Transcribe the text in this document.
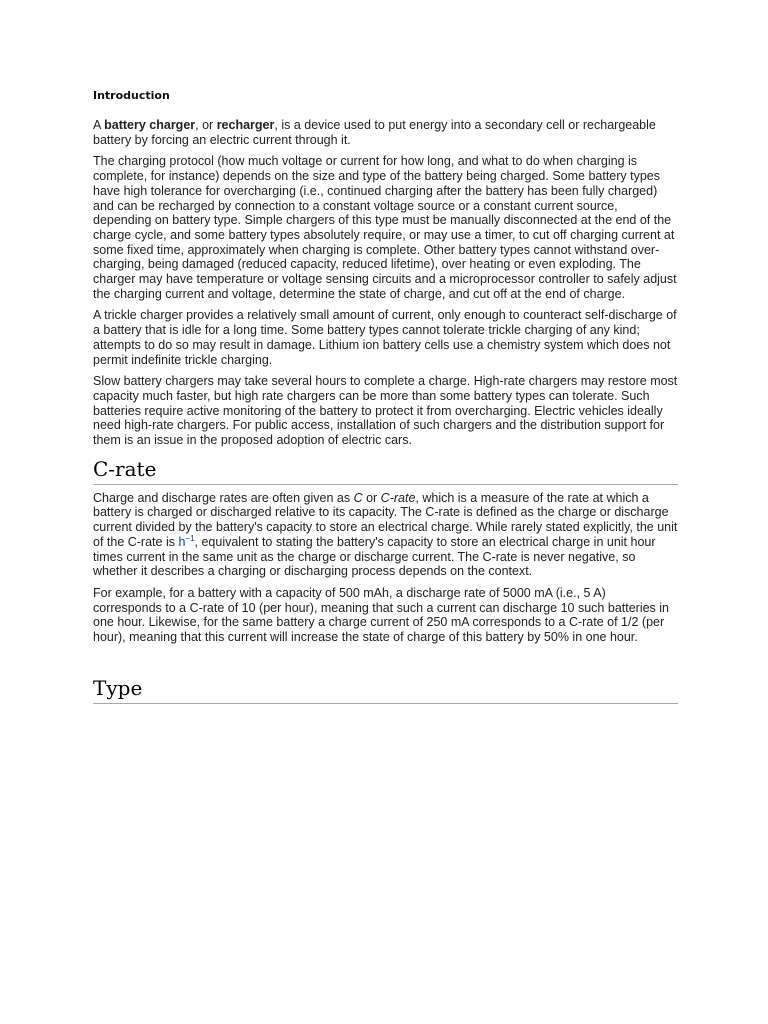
Introduction

A battery charger, or recharger, is a device used to put energy into a secondary cell or rechargeable battery by forcing an electric current through it.

The charging protocol (how much voltage or current for how long, and what to do when charging is complete, for instance) depends on the size and type of the battery being charged. Some battery types have high tolerance for overcharging (i.e., continued charging after the battery has been fully charged) and can be recharged by connection to a constant voltage source or a constant current source, depending on battery type. Simple chargers of this type must be manually disconnected at the end of the charge cycle, and some battery types absolutely require, or may use a timer, to cut off charging current at some fixed time, approximately when charging is complete. Other battery types cannot withstand over-charging, being damaged (reduced capacity, reduced lifetime), over heating or even exploding. The charger may have temperature or voltage sensing circuits and a microprocessor controller to safely adjust the charging current and voltage, determine the state of charge, and cut off at the end of charge.

A trickle charger provides a relatively small amount of current, only enough to counteract self-discharge of a battery that is idle for a long time. Some battery types cannot tolerate trickle charging of any kind; attempts to do so may result in damage. Lithium ion battery cells use a chemistry system which does not permit indefinite trickle charging.

Slow battery chargers may take several hours to complete a charge. High-rate chargers may restore most capacity much faster, but high rate chargers can be more than some battery types can tolerate. Such batteries require active monitoring of the battery to protect it from overcharging. Electric vehicles ideally need high-rate chargers. For public access, installation of such chargers and the distribution support for them is an issue in the proposed adoption of electric cars.

C-rate

Charge and discharge rates are often given as C or C-rate, which is a measure of the rate at which a battery is charged or discharged relative to its capacity. The C-rate is defined as the charge or discharge current divided by the battery's capacity to store an electrical charge. While rarely stated explicitly, the unit of the C-rate is $h^{-1}$, equivalent to stating the battery's capacity to store an electrical charge in unit hour times current in the same unit as the charge or discharge current. The C-rate is never negative, so whether it describes a charging or discharging process depends on the context.

For example, for a battery with a capacity of 500 mAh, a discharge rate of 5000 mA (i.e., 5 A) corresponds to a C-rate of 10 (per hour), meaning that such a current can discharge 10 such batteries in one hour. Likewise, for the same battery a charge current of 250 mA corresponds to a C-rate of 1/2 (per hour), meaning that this current will increase the state of charge of this battery by 50% in one hour.

Type
